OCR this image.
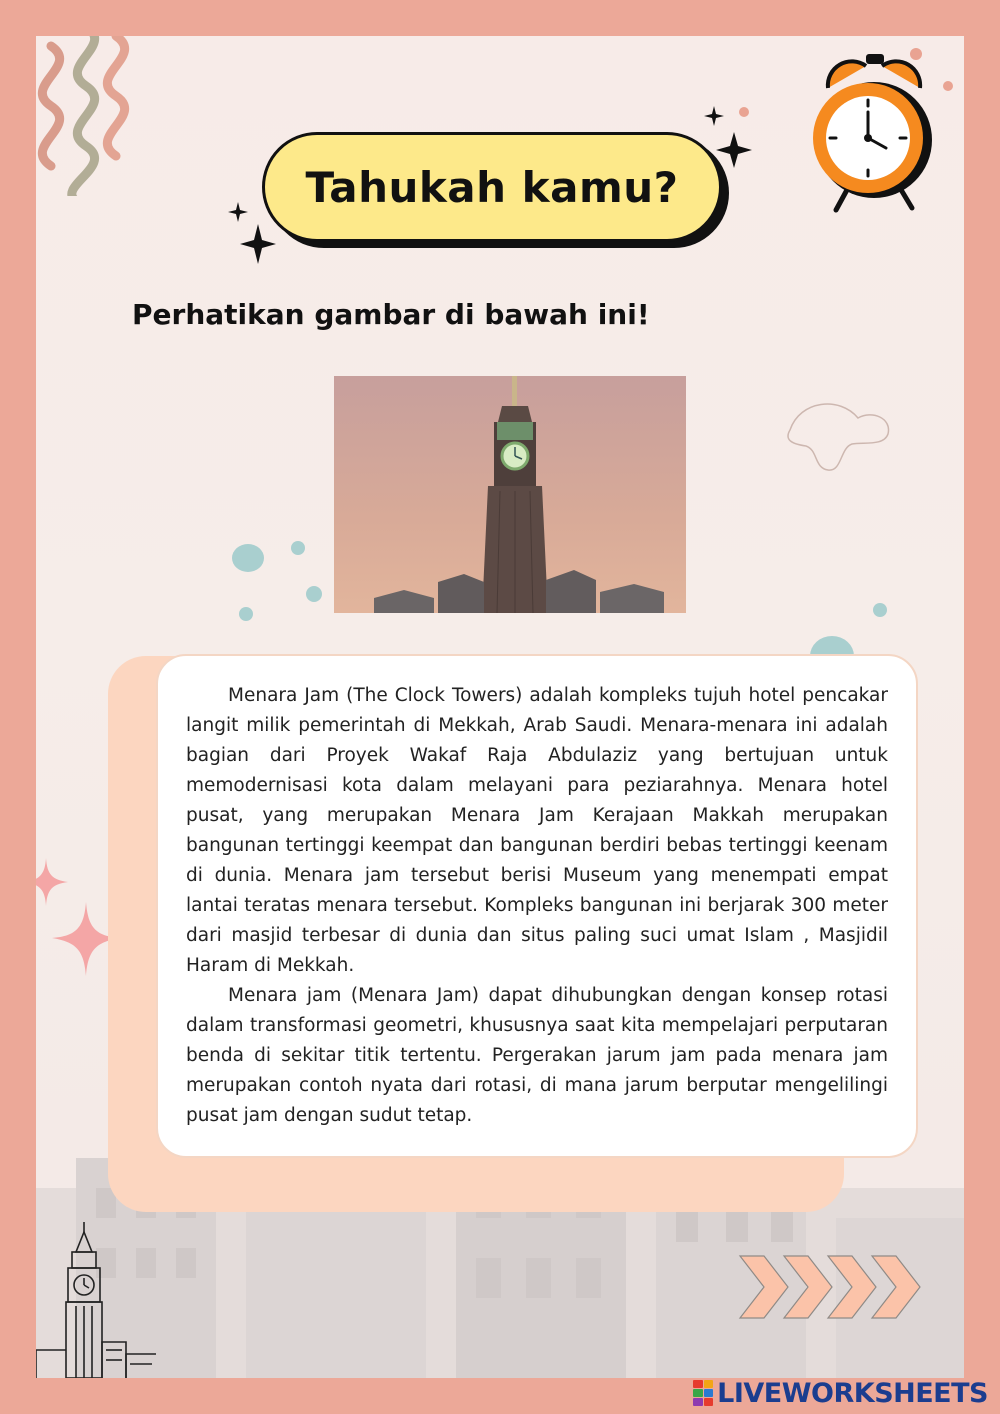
Tahukah kamu?
Perhatikan gambar di bawah ini!

Menara Jam (The Clock Towers) adalah kompleks tujuh hotel pencakar langit milik pemerintah di Mekkah, Arab Saudi. Menara-menara ini adalah bagian dari Proyek Wakaf Raja Abdulaziz yang bertujuan untuk memodernisasi kota dalam melayani para peziarahnya. Menara hotel pusat, yang merupakan Menara Jam Kerajaan Makkah merupakan bangunan tertinggi keempat dan bangunan berdiri bebas tertinggi keenam di dunia. Menara jam tersebut berisi Museum yang menempati empat lantai teratas menara tersebut. Kompleks bangunan ini berjarak 300 meter dari masjid terbesar di dunia dan situs paling suci umat Islam , Masjidil Haram di Mekkah.

Menara jam (Menara Jam) dapat dihubungkan dengan konsep rotasi dalam transformasi geometri, khususnya saat kita mempelajari perputaran benda di sekitar titik tertentu. Pergerakan jarum jam pada menara jam merupakan contoh nyata dari rotasi, di mana jarum berputar mengelilingi pusat jam dengan sudut tetap.

LIVEWORKSHEETS
